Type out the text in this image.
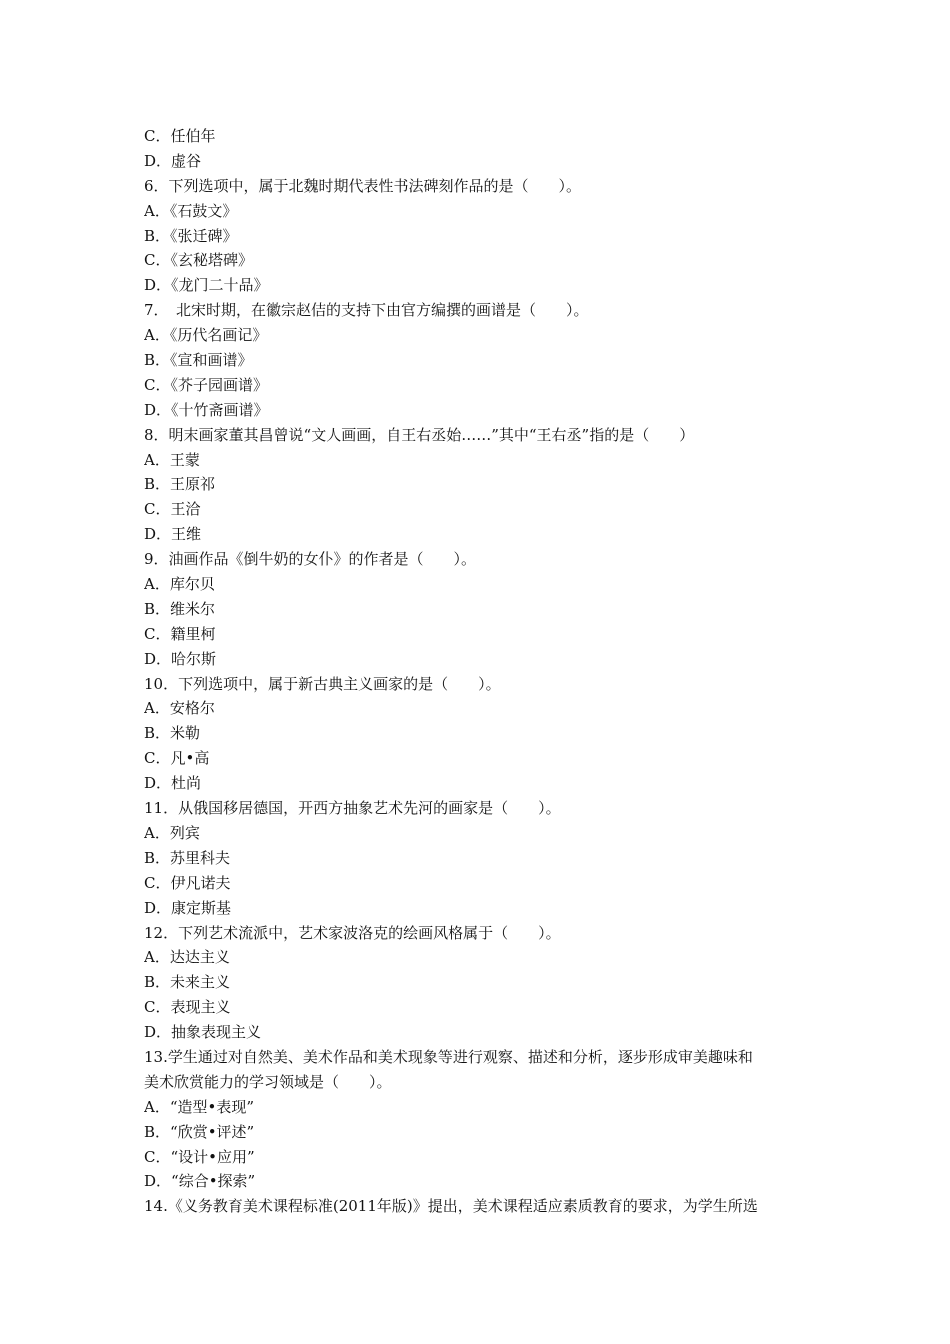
C．任伯年
D．虚谷
6．下列选项中，属于北魏时期代表性书法碑刻作品的是（　　）。
A．《石鼓文》
B．《张迁碑》
C．《玄秘塔碑》
D．《龙门二十品》
7．　北宋时期，在徽宗赵佶的支持下由官方编撰的画谱是（　　）。
A．《历代名画记》
B．《宣和画谱》
C．《芥子园画谱》
D．《十竹斋画谱》
8．明末画家董其昌曾说“文人画画，自王右丞始……”其中“王右丞”指的是（　　）
A．王蒙
B．王原祁
C．王洽
D．王维
9．油画作品《倒牛奶的女仆》的作者是（　　）。
A．库尔贝
B．维米尔
C．籍里柯
D．哈尔斯
10．下列选项中，属于新古典主义画家的是（　　）。
A．安格尔
B．米勒
C．凡•高
D．杜尚
11．从俄国移居德国，开西方抽象艺术先河的画家是（　　）。
A．列宾
B．苏里科夫
C．伊凡诺夫
D．康定斯基
12．下列艺术流派中，艺术家波洛克的绘画风格属于（　　）。
A．达达主义
B．未来主义
C．表现主义
D．抽象表现主义
13.学生通过对自然美、美术作品和美术现象等进行观察、描述和分析，逐步形成审美趣味和
美术欣赏能力的学习领域是（　　）。
A．“造型•表现”
B．“欣赏•评述”
C．“设计•应用”
D．“综合•探索”
14.《义务教育美术课程标准(2011年版)》提出，美术课程适应素质教育的要求，为学生所选
